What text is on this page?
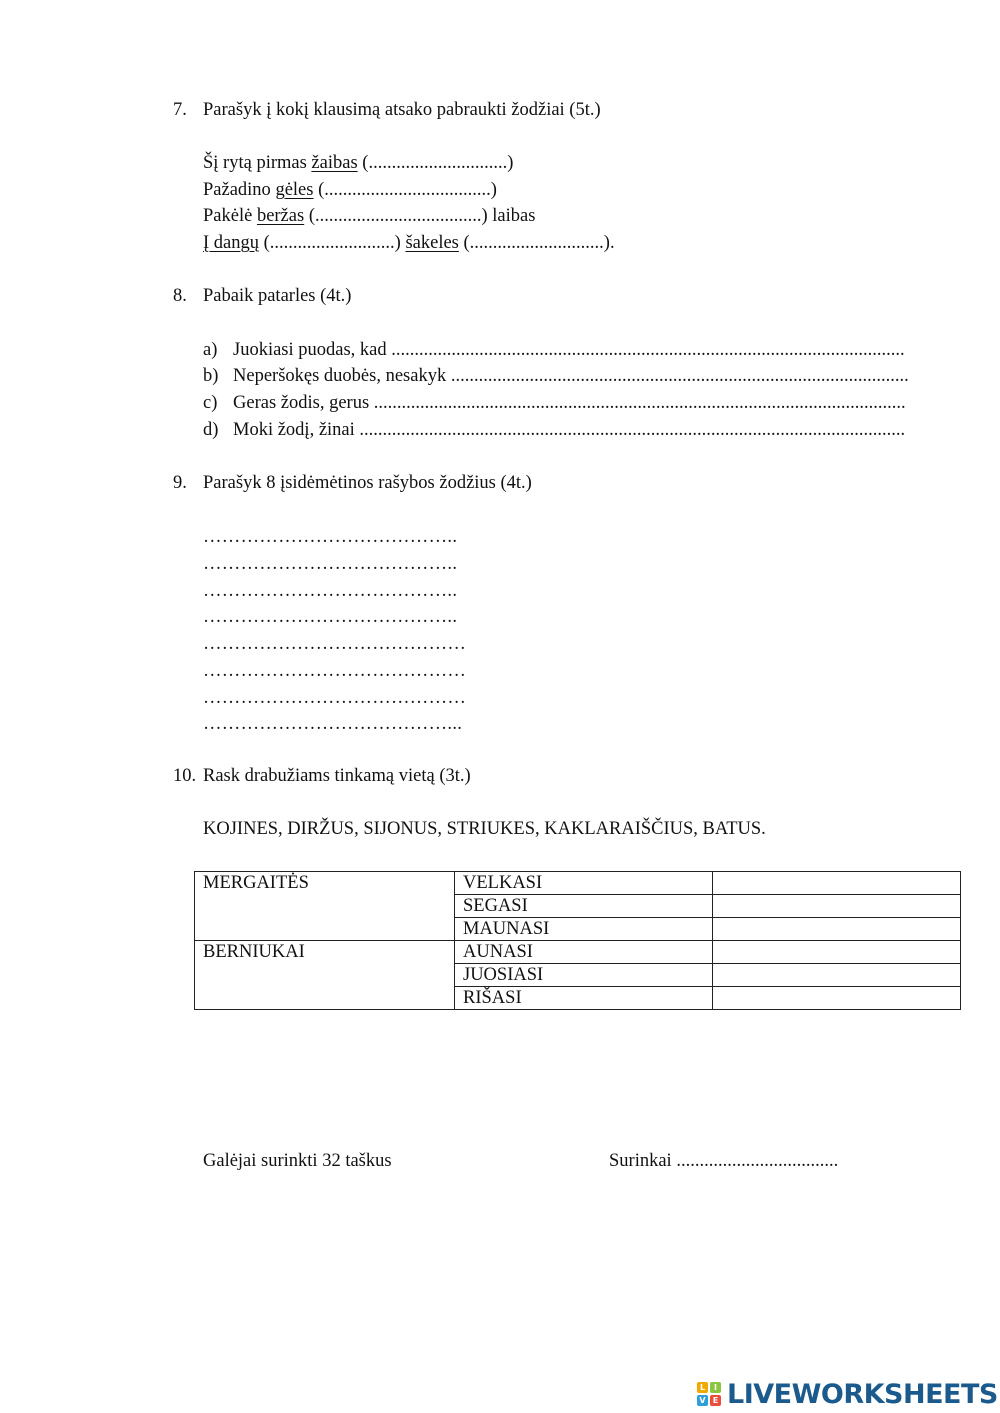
7. Parašyk į kokį klausimą atsako pabraukti žodžiai (5t.)
Šį rytą pirmas žaibas (..............................)
Pažadino gėles (....................................)
Pakėlė beržas (....................................) laibas
Į dangų (...........................) šakeles (.............................).
8. Pabaik patarles (4t.)
a) Juokiasi puodas, kad ...............................................................................................................
b) Neperšokęs duobės, nesakyk ...................................................................................................
c) Geras žodis, gerus ...................................................................................................................
d) Moki žodį, žinai ......................................................................................................................
9. Parašyk 8 įsidėmėtinos rašybos žodžius (4t.)
…………………………………..
…………………………………..
…………………………………..
…………………………………..
……………………………………
……………………………………
……………………………………
…………………………………...
10. Rask drabužiams tinkamą vietą (3t.)
KOJINES, DIRŽUS, SIJONUS, STRIUKES, KAKLARAIŠČIUS, BATUS.
MERGAITĖS	VELKASI	
	SEGASI	
	MAUNASI	
BERNIUKAI	AUNASI	
	JUOSIASI	
	RIŠASI	
Galėjai surinkti 32 taškus	Surinkai ...................................
L	I
V E LIVEWORKSHEETS
